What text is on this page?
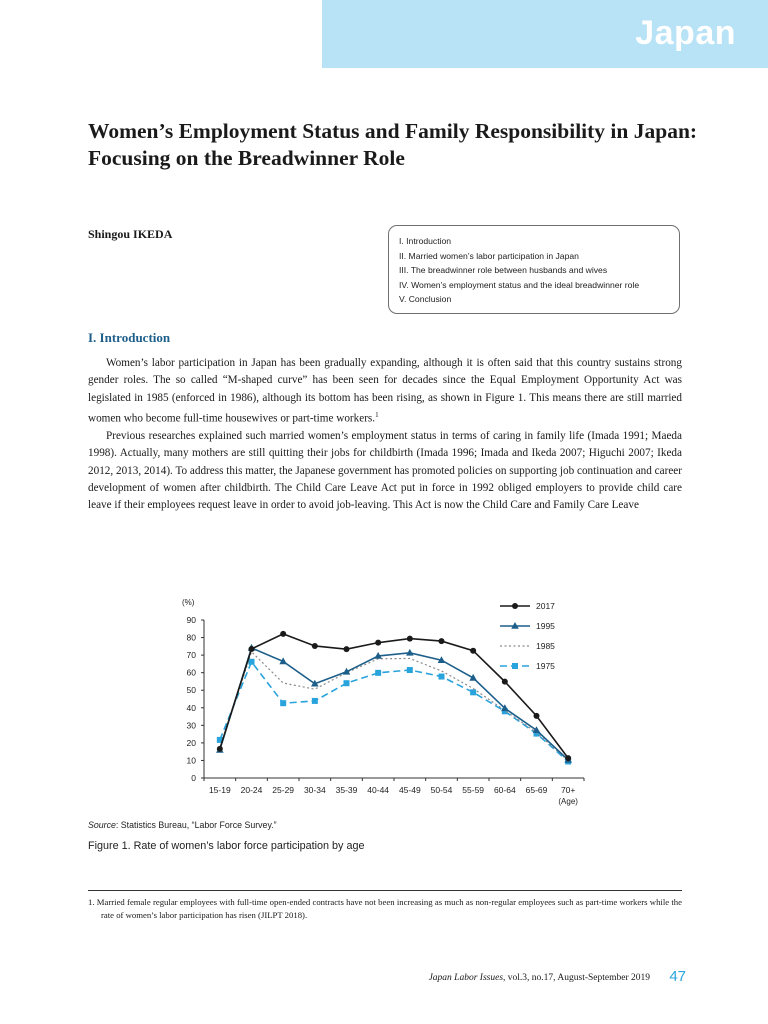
Japan
Women’s Employment Status and Family Responsibility in Japan: Focusing on the Breadwinner Role
Shingou IKEDA	I. Introduction
II. Married women’s labor participation in Japan
III. The breadwinner role between husbands and wives
IV. Women’s employment status and the ideal breadwinner role
V. Conclusion
I. Introduction

Women’s labor participation in Japan has been gradually expanding, although it is often said that this country sustains strong gender roles. The so called “M-shaped curve” has been seen for decades since the Equal Employment Opportunity Act was legislated in 1985 (enforced in 1986), although its bottom has been rising, as shown in Figure 1. This means there are still married women who become full-time housewives or part-time workers.$^1$

Previous researches explained such married women’s employment status in terms of caring in family life (Imada 1991; Maeda 1998). Actually, many mothers are still quitting their jobs for childbirth (Imada 1996; Imada and Ikeda 2007; Higuchi 2007; Ikeda 2012, 2013, 2014). To address this matter, the Japanese government has promoted policies on supporting job continuation and career development of women after childbirth. The Child Care Leave Act put in force in 1992 obliged employers to provide child care leave if their employees request leave in order to avoid job-leaving. This Act is now the Child Care and Family Care Leave

0
10
20
30
40
50
60
70
80
90
15-19 20-24 25-29 30-34 35-39 40-44 45-49 50-54 55-59 60-64 65-69 70+
(%)
(Age)
2017
1995
1985
1975
Source: Statistics Bureau, “Labor Force Survey.”
Figure 1. Rate of women’s labor force participation by age
1. Married female regular employees with full-time open-ended contracts have not been increasing as much as non-regular employees such as part-time workers while the rate of women’s labor participation has risen (JILPT 2018).
Japan Labor Issues, vol.3, no.17, August-September 2019 47
